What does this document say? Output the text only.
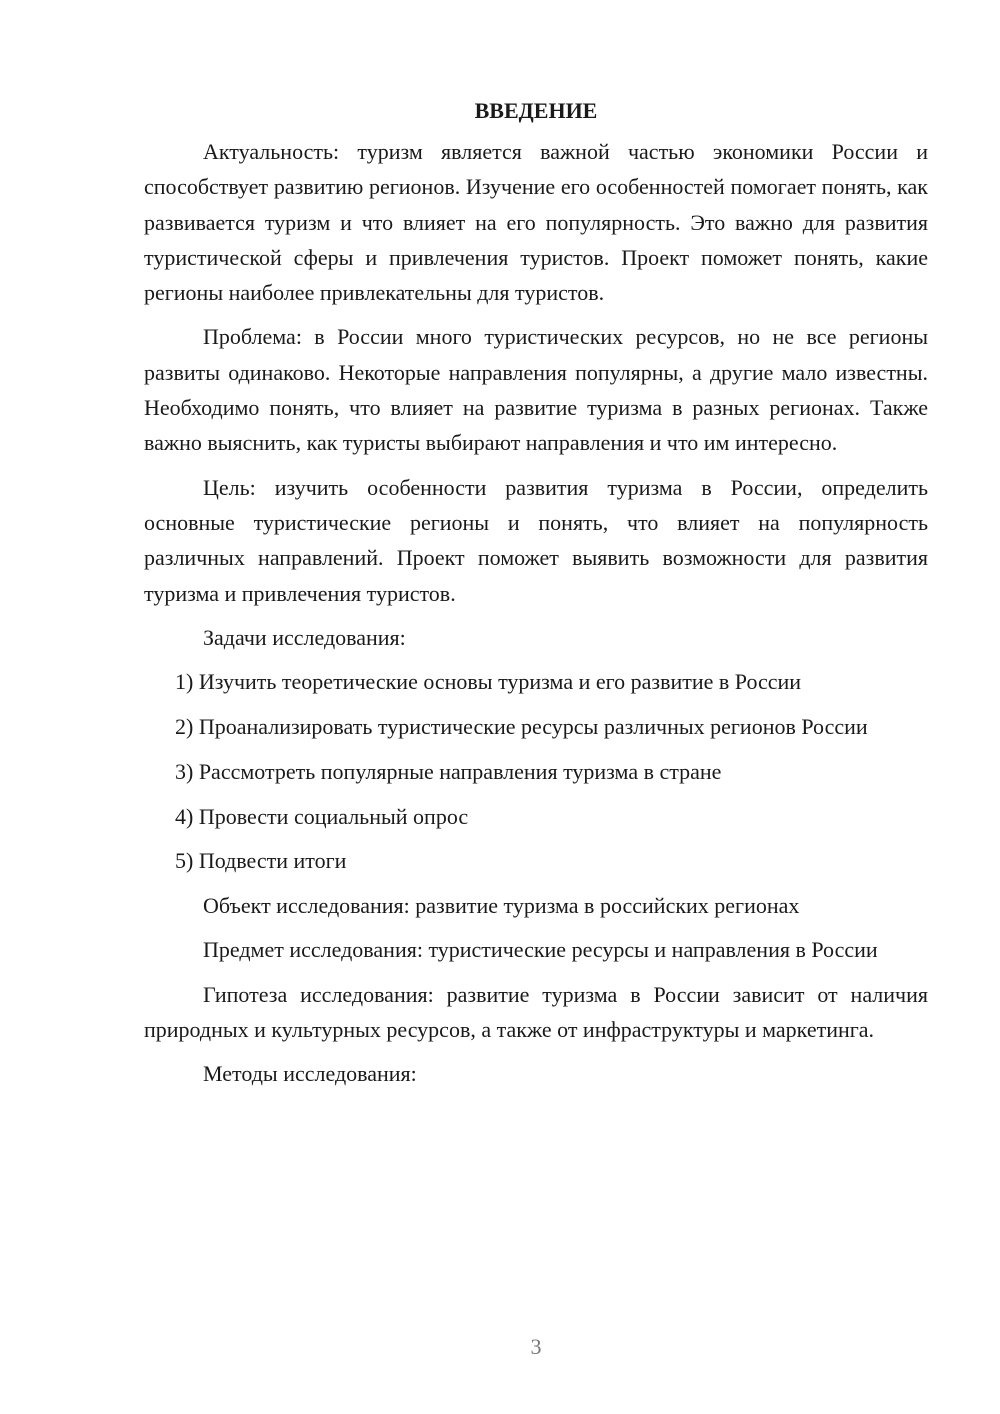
ВВЕДЕНИЕ

Актуальность: туризм является важной частью экономики России и способствует развитию регионов. Изучение его особенностей помогает понять, как развивается туризм и что влияет на его популярность. Это важно для развития туристической сферы и привлечения туристов. Проект поможет понять, какие регионы наиболее привлекательны для туристов.

Проблема: в России много туристических ресурсов, но не все регионы развиты одинаково. Некоторые направления популярны, а другие мало известны. Необходимо понять, что влияет на развитие туризма в разных регионах. Также важно выяснить, как туристы выбирают направления и что им интересно.

Цель: изучить особенности развития туризма в России, определить основные туристические регионы и понять, что влияет на популярность различных направлений. Проект поможет выявить возможности для развития туризма и привлечения туристов.

Задачи исследования:

1) Изучить теоретические основы туризма и его развитие в России

2) Проанализировать туристические ресурсы различных регионов России

3) Рассмотреть популярные направления туризма в стране

4) Провести социальный опрос

5) Подвести итоги

Объект исследования: развитие туризма в российских регионах

Предмет исследования: туристические ресурсы и направления в России

Гипотеза исследования: развитие туризма в России зависит от наличия природных и культурных ресурсов, а также от инфраструктуры и маркетинга.

Методы исследования:

3
